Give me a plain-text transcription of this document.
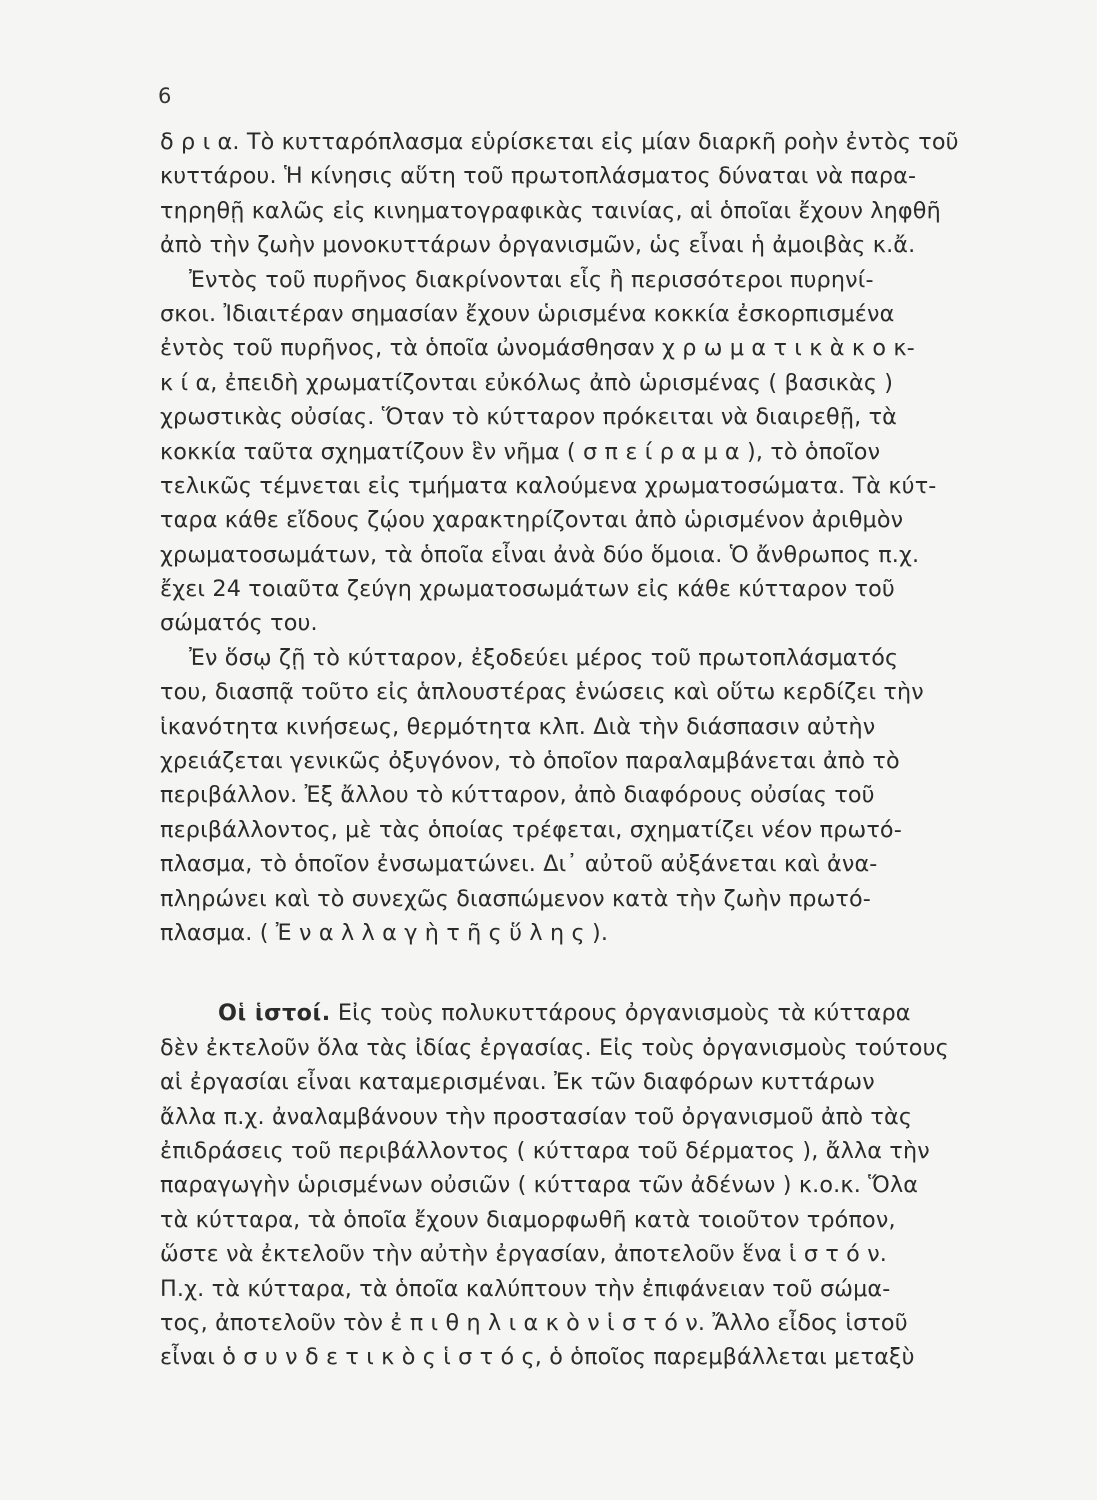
6
δ ρ ι α. Τὸ κυτταρόπλασμα εὑρίσκεται εἰς μίαν διαρκῆ ροὴν ἐντὸς τοῦ
κυττάρου. Ἡ κίνησις αὕτη τοῦ πρωτοπλάσματος δύναται νὰ παρα-
τηρηθῇ καλῶς εἰς κινηματογραφικὰς ταινίας, αἱ ὁποῖαι ἔχουν ληφθῆ
ἀπὸ τὴν ζωὴν μονοκυττάρων ὀργανισμῶν, ὡς εἶναι ἡ ἀμοιβὰς κ.ἄ.
Ἐντὸς τοῦ πυρῆνος διακρίνονται εἷς ἢ περισσότεροι πυρηνί-
σκοι. Ἰδιαιτέραν σημασίαν ἔχουν ὡρισμένα κοκκία ἐσκορπισμένα
ἐντὸς τοῦ πυρῆνος, τὰ ὁποῖα ὠνομάσθησαν χ ρ ω μ α τ ι κ ὰ κ ο κ-
κ ί α, ἐπειδὴ χρωματίζονται εὐκόλως ἀπὸ ὡρισμένας ( βασικὰς )
χρωστικὰς οὐσίας. Ὅταν τὸ κύτταρον πρόκειται νὰ διαιρεθῇ, τὰ
κοκκία ταῦτα σχηματίζουν ἓν νῆμα ( σ π ε ί ρ α μ α ), τὸ ὁποῖον
τελικῶς τέμνεται εἰς τμήματα καλούμενα χρωματοσώματα. Τὰ κύτ-
ταρα κάθε εἴδους ζῴου χαρακτηρίζονται ἀπὸ ὡρισμένον ἀριθμὸν
χρωματοσωμάτων, τὰ ὁποῖα εἶναι ἀνὰ δύο ὅμοια. Ὁ ἄνθρωπος π.χ.
ἔχει 24 τοιαῦτα ζεύγη χρωματοσωμάτων εἰς κάθε κύτταρον τοῦ
σώματός του.
Ἐν ὅσῳ ζῇ τὸ κύτταρον, ἐξοδεύει μέρος τοῦ πρωτοπλάσματός
του, διασπᾷ τοῦτο εἰς ἁπλουστέρας ἑνώσεις καὶ οὕτω κερδίζει τὴν
ἱκανότητα κινήσεως, θερμότητα κλπ. Διὰ τὴν διάσπασιν αὐτὴν
χρειάζεται γενικῶς ὀξυγόνον, τὸ ὁποῖον παραλαμβάνεται ἀπὸ τὸ
περιβάλλον. Ἐξ ἄλλου τὸ κύτταρον, ἀπὸ διαφόρους οὐσίας τοῦ
περιβάλλοντος, μὲ τὰς ὁποίας τρέφεται, σχηματίζει νέον πρωτό-
πλασμα, τὸ ὁποῖον ἐνσωματώνει. Δι᾽ αὐτοῦ αὐξάνεται καὶ ἀνα-
πληρώνει καὶ τὸ συνεχῶς διασπώμενον κατὰ τὴν ζωὴν πρωτό-
πλασμα. ( Ἐ ν α λ λ α γ ὴ τ ῆ ς ὕ λ η ς ).
Οἱ ἱστοί. Εἰς τοὺς πολυκυττάρους ὀργανισμοὺς τὰ κύτταρα
δὲν ἐκτελοῦν ὅλα τὰς ἰδίας ἐργασίας. Εἰς τοὺς ὀργανισμοὺς τούτους
αἱ ἐργασίαι εἶναι καταμερισμέναι. Ἐκ τῶν διαφόρων κυττάρων
ἄλλα π.χ. ἀναλαμβάνουν τὴν προστασίαν τοῦ ὀργανισμοῦ ἀπὸ τὰς
ἐπιδράσεις τοῦ περιβάλλοντος ( κύτταρα τοῦ δέρματος ), ἄλλα τὴν
παραγωγὴν ὡρισμένων οὐσιῶν ( κύτταρα τῶν ἀδένων ) κ.ο.κ. Ὅλα
τὰ κύτταρα, τὰ ὁποῖα ἔχουν διαμορφωθῆ κατὰ τοιοῦτον τρόπον,
ὥστε νὰ ἐκτελοῦν τὴν αὐτὴν ἐργασίαν, ἀποτελοῦν ἕνα ἱ σ τ ό ν.
Π.χ. τὰ κύτταρα, τὰ ὁποῖα καλύπτουν τὴν ἐπιφάνειαν τοῦ σώμα-
τος, ἀποτελοῦν τὸν ἐ π ι θ η λ ι α κ ὸ ν ἱ σ τ ό ν. Ἄλλο εἶδος ἱστοῦ
εἶναι ὁ σ υ ν δ ε τ ι κ ὸ ς ἱ σ τ ό ς, ὁ ὁποῖος παρεμβάλλεται μεταξὺ
